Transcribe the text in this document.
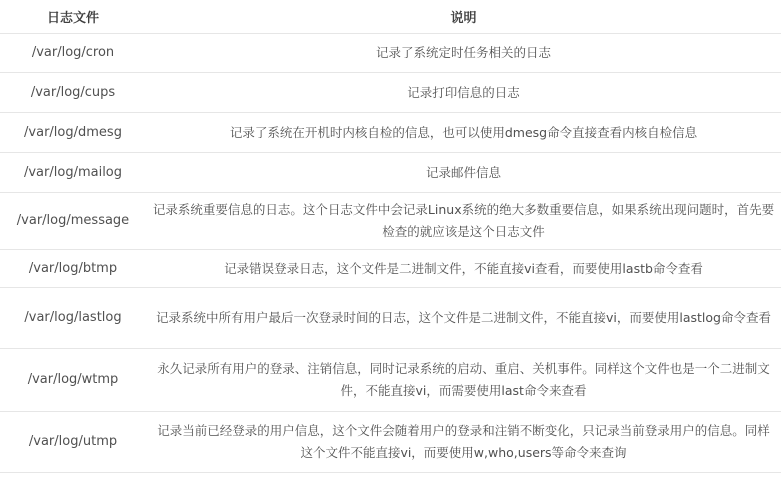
日志文件	说明
/var/log/cron	记录了系统定时任务相关的日志
/var/log/cups	记录打印信息的日志
/var/log/dmesg	记录了系统在开机时内核自检的信息，也可以使用dmesg命令直接查看内核自检信息
/var/log/mailog	记录邮件信息
/var/log/message	记录系统重要信息的日志。这个日志文件中会记录Linux系统的绝大多数重要信息，如果系统出现问题时，首先要检查的就应该是这个日志文件
/var/log/btmp	记录错误登录日志，这个文件是二进制文件，不能直接vi查看，而要使用lastb命令查看
/var/log/lastlog	记录系统中所有用户最后一次登录时间的日志，这个文件是二进制文件，不能直接vi，而要使用lastlog命令查看
/var/log/wtmp	永久记录所有用户的登录、注销信息，同时记录系统的启动、重启、关机事件。同样这个文件也是一个二进制文件，不能直接vi，而需要使用last命令来查看
/var/log/utmp	记录当前已经登录的用户信息，这个文件会随着用户的登录和注销不断变化，只记录当前登录用户的信息。同样这个文件不能直接vi，而要使用w,who,users等命令来查询
